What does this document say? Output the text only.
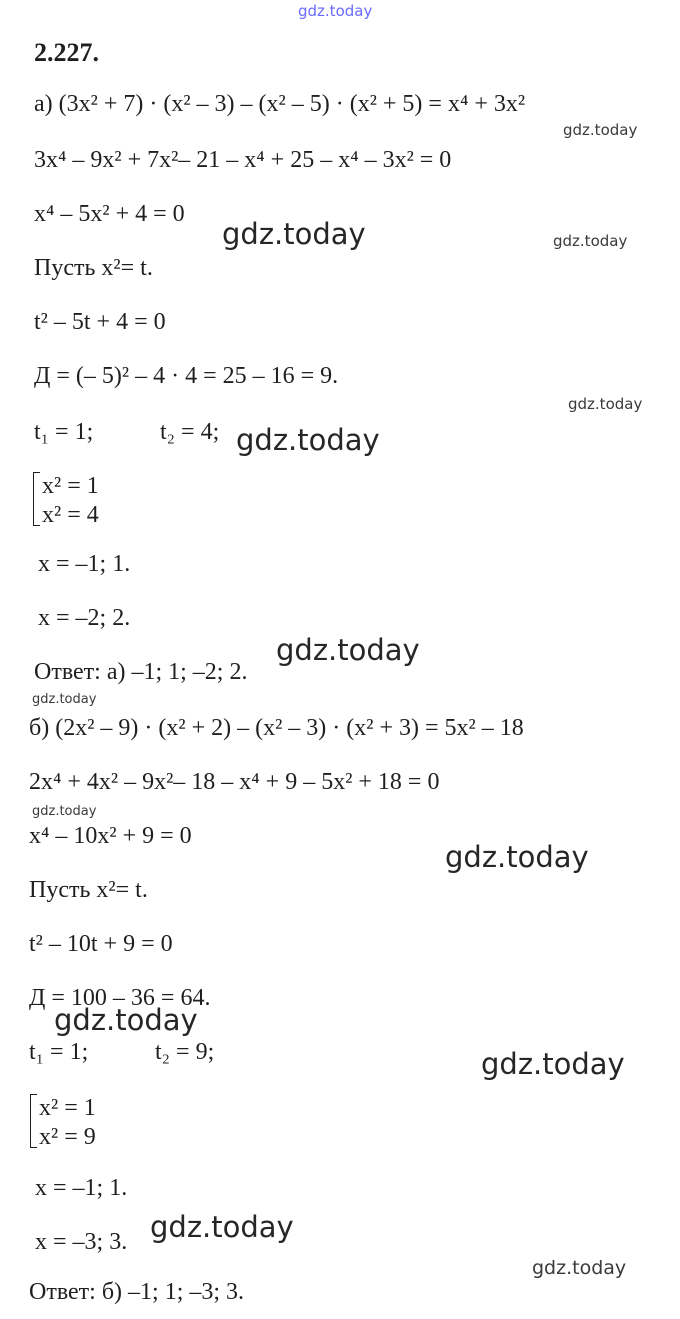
gdz.today
gdz.today
gdz.today	gdz.today
gdz.today
gdz.today
gdz.today
gdz.today
gdz.today
gdz.today
gdz.today
gdz.today
gdz.today
gdz.today
2.227.
а) (3x² + 7) · (x² – 3) – (x² – 5) · (x² + 5) = x⁴ + 3x²
3x⁴ – 9x² + 7x²– 21 – x⁴ + 25 – x⁴ – 3x² = 0
x⁴ – 5x² + 4 = 0
Пусть x²= t.
t² – 5t + 4 = 0
Д = (– 5)² – 4 · 4 = 25 – 16 = 9.
t₁ = 1;	t₂ = 4;
x² = 1
x² = 4
x = –1; 1.
x = –2; 2.
Ответ: а) –1; 1; –2; 2.
б) (2x² – 9) · (x² + 2) – (x² – 3) · (x² + 3) = 5x² – 18
2x⁴ + 4x² – 9x²– 18 – x⁴ + 9 – 5x² + 18 = 0
x⁴ – 10x² + 9 = 0
Пусть x²= t.
t² – 10t + 9 = 0
Д = 100 – 36 = 64.
t₁ = 1;	t₂ = 9;
x² = 1
x² = 9
x = –1; 1.
x = –3; 3.
Ответ: б) –1; 1; –3; 3.
